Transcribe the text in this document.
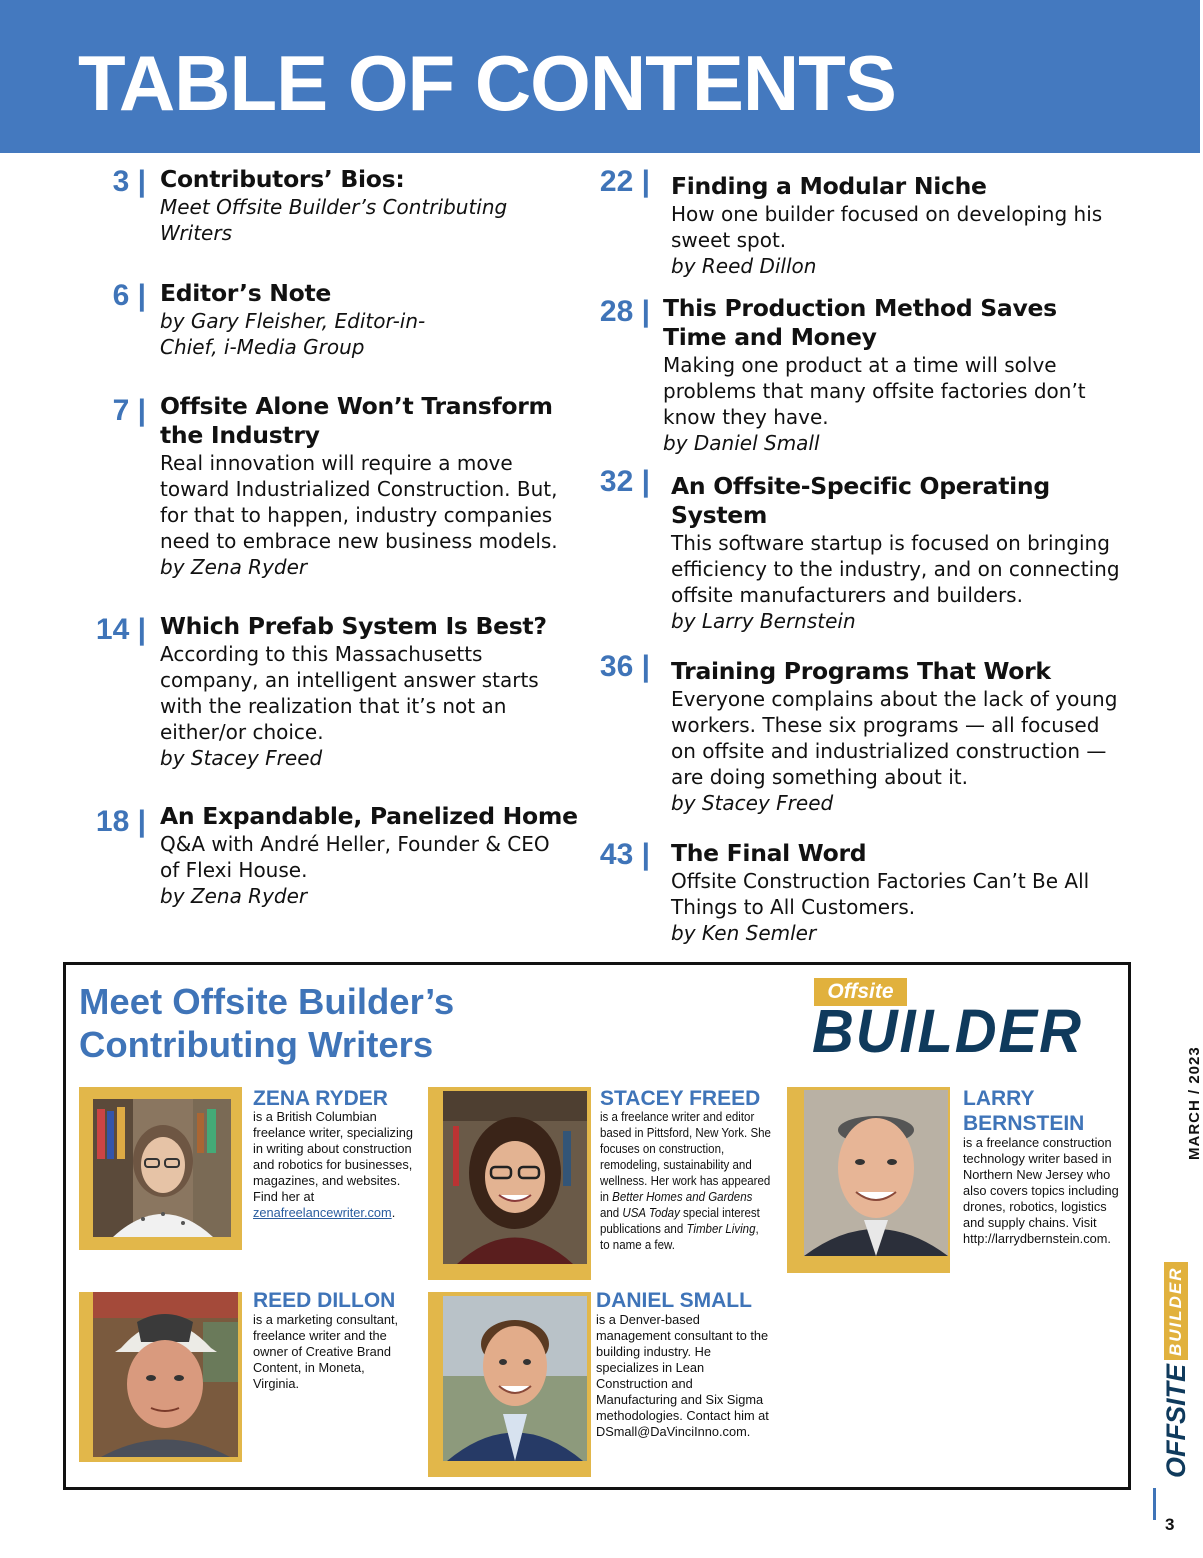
TABLE OF CONTENTS
3 | Contributors’ Bios:
Meet Offsite Builder’s Contributing Writers
6 | Editor’s Note
by Gary Fleisher, Editor-in-Chief, i-Media Group
7 | Offsite Alone Won’t Transform the Industry
Real innovation will require a move toward Industrialized Construction. But, for that to happen, industry companies need to embrace new business models.
by Zena Ryder
14 | Which Prefab System Is Best?
According to this Massachusetts company, an intelligent answer starts with the realization that it’s not an either/or choice.
by Stacey Freed
18 | An Expandable, Panelized Home
Q&A with André Heller, Founder & CEO of Flexi House.
by Zena Ryder
22 | Finding a Modular Niche
How one builder focused on developing his sweet spot.
by Reed Dillon
28 | This Production Method Saves Time and Money
Making one product at a time will solve problems that many offsite factories don’t know they have.
by Daniel Small
32 | An Offsite-Specific Operating System
This software startup is focused on bringing efficiency to the industry, and on connecting offsite manufacturers and builders.
by Larry Bernstein
36 | Training Programs That Work
Everyone complains about the lack of young workers. These six programs — all focused on offsite and industrialized construction — are doing something about it.
by Stacey Freed
43 | The Final Word
Offsite Construction Factories Can’t Be All Things to All Customers.
by Ken Semler
Meet Offsite Builder’s
Contributing Writers
Offsite
BUILDER
ZENA RYDER
is a British Columbian freelance writer, specializing in writing about construction and robotics for businesses, magazines, and websites. Find her at zenafreelancewriter.com.
STACEY FREED
is a freelance writer and editor based in Pittsford, New York. She focuses on construction, remodeling, sustainability and wellness. Her work has appeared in Better Homes and Gardens and USA Today special interest publications and Timber Living, to name a few.
LARRY
BERNSTEIN
is a freelance construction technology writer based in Northern New Jersey who also covers topics including drones, robotics, logistics and supply chains. Visit http://larrydbernstein.com.
REED DILLON
is a marketing consultant, freelance writer and the owner of Creative Brand Content, in Moneta, Virginia.
DANIEL SMALL
is a Denver-based management consultant to the building industry. He specializes in Lean Construction and Manufacturing and Six Sigma methodologies. Contact him at DSmall@DaVinciInno.com.
MARCH / 2023
OFFSITEBUILDER
3
